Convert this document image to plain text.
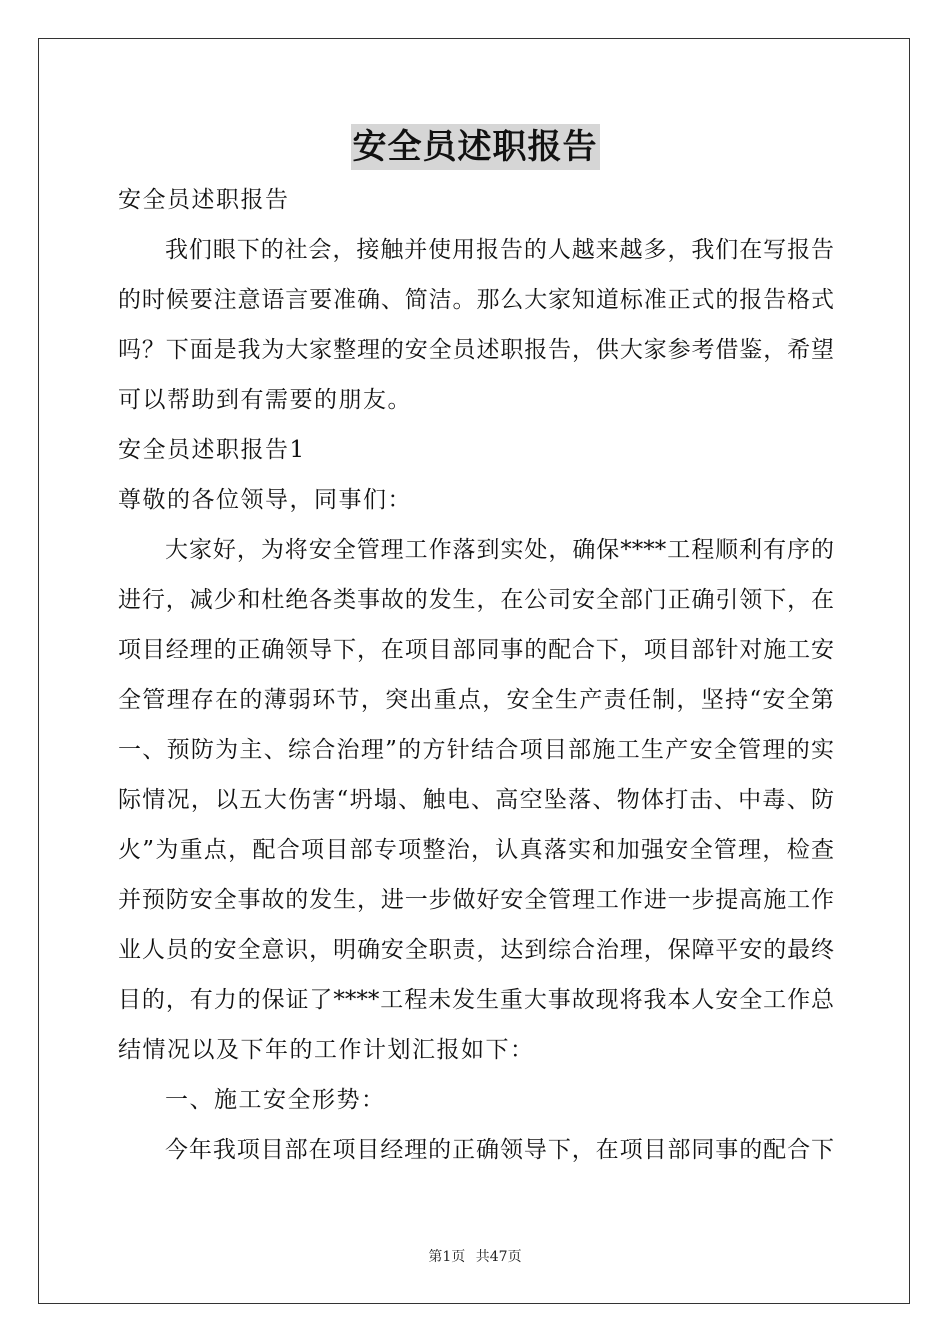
安全员述职报告
安全员述职报告
我们眼下的社会，接触并使用报告的人越来越多，我们在写报告
的时候要注意语言要准确、简洁。那么大家知道标准正式的报告格式
吗？下面是我为大家整理的安全员述职报告，供大家参考借鉴，希望
可以帮助到有需要的朋友。
安全员述职报告1
尊敬的各位领导，同事们：
大家好，为将安全管理工作落到实处，确保****工程顺利有序的
进行，减少和杜绝各类事故的发生，在公司安全部门正确引领下，在
项目经理的正确领导下，在项目部同事的配合下，项目部针对施工安
全管理存在的薄弱环节，突出重点，安全生产责任制，坚持“安全第
一、预防为主、综合治理”的方针结合项目部施工生产安全管理的实
际情况，以五大伤害“坍塌、触电、高空坠落、物体打击、中毒、防
火”为重点，配合项目部专项整治，认真落实和加强安全管理，检查
并预防安全事故的发生，进一步做好安全管理工作进一步提高施工作
业人员的安全意识，明确安全职责，达到综合治理，保障平安的最终
目的，有力的保证了****工程未发生重大事故现将我本人安全工作总
结情况以及下年的工作计划汇报如下：
一、施工安全形势：
今年我项目部在项目经理的正确领导下，在项目部同事的配合下
第1页 共47页
